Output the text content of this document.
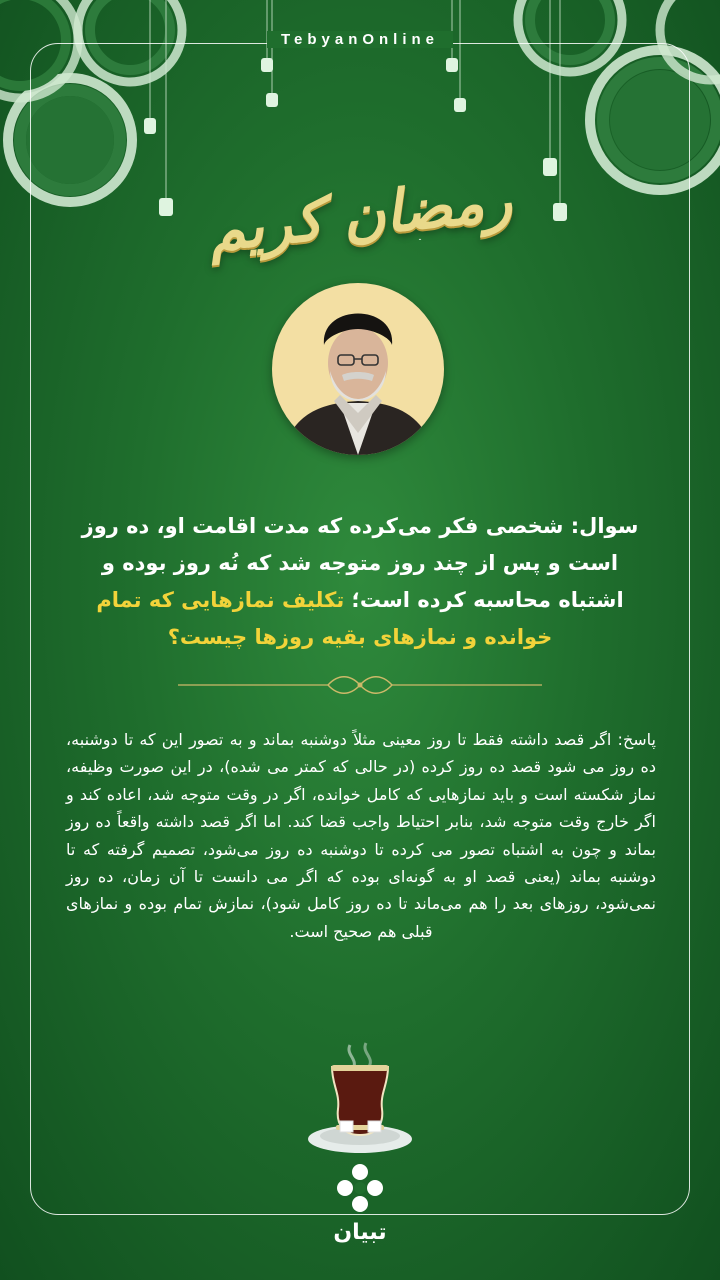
TebyanOnline
رمضان کریم
سوال: شخصی فکر می‌کرده که مدت اقامت او، ده روز است و پس از چند روز متوجه شد که نُه روز بوده و اشتباه محاسبه کرده است؛ تکلیف نمازهایی که تمام خوانده و نمازهای بقیه روزها چیست؟
پاسخ: اگر قصد داشته فقط تا روز معینی مثلاً دوشنبه بماند و به تصور این که تا دوشنبه، ده روز می شود قصد ده روز کرده (در حالی که کمتر می شده)، در این صورت وظیفه، نماز شکسته است و باید نمازهایی که کامل خوانده، اگر در وقت متوجه شد، اعاده کند و اگر خارج وقت متوجه شد، بنابر احتیاط واجب قضا کند. اما اگر قصد داشته واقعاً ده روز بماند و چون به اشتباه تصور می کرده تا دوشنبه ده روز می‌شود، تصمیم گرفته که تا دوشنبه بماند (یعنی قصد او به گونه‌ای بوده که اگر می دانست تا آن زمان، ده روز نمی‌شود، روزهای بعد را هم می‌ماند تا ده روز کامل شود)، نمازش تمام بوده و نمازهای قبلی هم صحیح است.
تبیان
